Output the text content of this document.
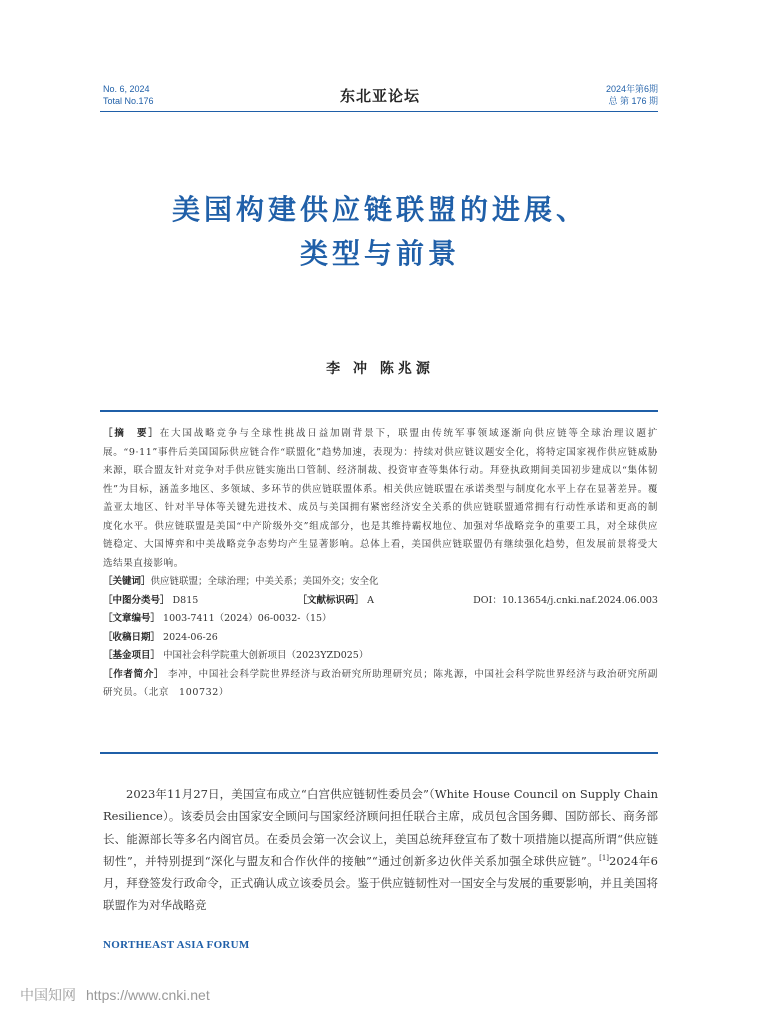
No. 6, 2024
Total No.176	东北亚论坛	2024年第6期
总 第 176 期
美国构建供应链联盟的进展、
类型与前景
李 冲 陈兆源
［摘　要］在大国战略竞争与全球性挑战日益加剧背景下，联盟由传统军事领域逐渐向供应链等全球治理议题扩展。“9·11”事件后美国国际供应链合作“联盟化”趋势加速，表现为：持续对供应链议题安全化，将特定国家视作供应链威胁来源，联合盟友针对竞争对手供应链实施出口管制、经济制裁、投资审查等集体行动。拜登执政期间美国初步建成以“集体韧性”为目标，涵盖多地区、多领域、多环节的供应链联盟体系。相关供应链联盟在承诺类型与制度化水平上存在显著差异。覆盖亚太地区、针对半导体等关键先进技术、成员与美国拥有紧密经济安全关系的供应链联盟通常拥有行动性承诺和更高的制度化水平。供应链联盟是美国“中产阶级外交”组成部分，也是其维持霸权地位、加强对华战略竞争的重要工具，对全球供应链稳定、大国博弈和中美战略竞争态势均产生显著影响。总体上看，美国供应链联盟仍有继续强化趋势，但发展前景将受大选结果直接影响。
［关键词］供应链联盟；全球治理；中美关系；美国外交；安全化
［中图分类号］ D815	［文献标识码］ A	DOI：10.13654/j.cnki.naf.2024.06.003
［文章编号］ 1003-7411（2024）06-0032-（15）
［收稿日期］ 2024-06-26
［基金项目］ 中国社会科学院重大创新项目（2023YZD025）
［作者简介］ 李冲，中国社会科学院世界经济与政治研究所助理研究员；陈兆源，中国社会科学院世界经济与政治研究所副研究员。（北京　100732）

2023年11月27日，美国宣布成立“白宫供应链韧性委员会”（White House Council on Supply Chain Resilience）。该委员会由国家安全顾问与国家经济顾问担任联合主席，成员包含国务卿、国防部长、商务部长、能源部长等多名内阁官员。在委员会第一次会议上，美国总统拜登宣布了数十项措施以提高所谓“供应链韧性”，并特别提到“深化与盟友和合作伙伴的接触”“通过创新多边伙伴关系加强全球供应链”。[1]2024年6月，拜登签发行政命令，正式确认成立该委员会。鉴于供应链韧性对一国安全与发展的重要影响，并且美国将联盟作为对华战略竞

NORTHEAST ASIA FORUM
中国知网 https://www.cnki.net
